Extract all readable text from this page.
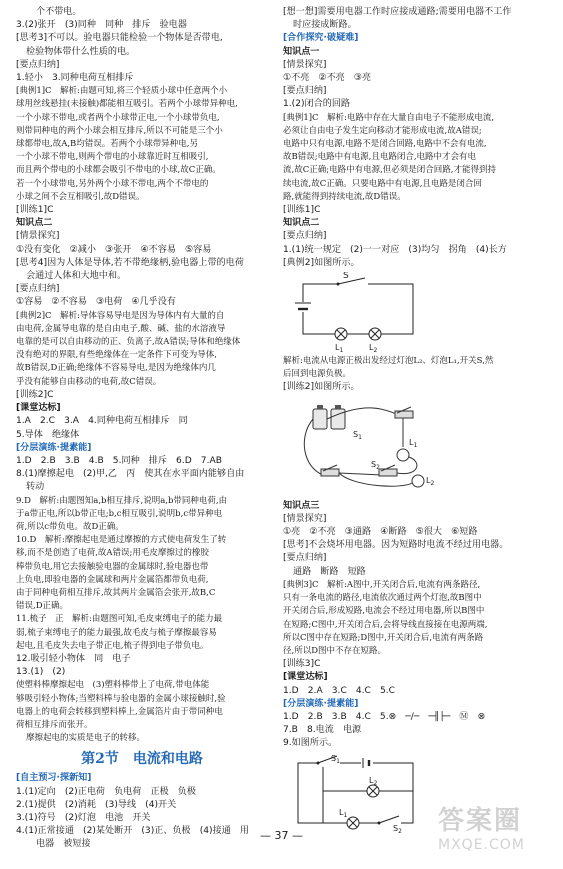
个不带电。
3.(2)张开　(3)同种　同种　排斥　验电器
[思考3]不可以。验电器只能检验一个物体是否带电,
检验物体带什么性质的电。
[要点归纳]
1.轻小　3.同种电荷互相排斥
[典例1]C　解析:由题可知,将三个轻质小球中任意两个小
球用丝线悬挂(未接触)都能相互吸引。若两个小球带异种电,
一个小球不带电,或者两个小球带正电,一个小球带负电,
则带同种电的两个小球会相互排斥,所以不可能是三个小
球都带电,故A,B均错误。若两个小球带异种电,另
一个小球不带电,则两个带电的小球靠近时互相吸引,
而且两个带电的小球都会吸引不带电的小球,故C正确。
若一个小球带电,另外两个小球不带电,两个不带电的
小球之间不会互相吸引,故D错误。
[训练1]C
知识点二
[情景探究]
①没有变化　②减小　③张开　④不容易　⑤容易
[思考4]因为人体是导体,若不带绝缘柄,验电器上带的电荷
会通过人体和大地中和。
[要点归纳]
①容易　②不容易　③电荷　④几乎没有
[典例2]C　解析:导体容易导电是因为导体内有大量的自
由电荷,金属导电靠的是自由电子,酸、碱、盐的水溶液导
电靠的是可以自由移动的正、负离子,故A错误;导体和绝缘体
没有绝对的界限,有些绝缘体在一定条件下可变为导体,
故B错误,D正确;绝缘体不容易导电,是因为绝缘体内几
乎没有能够自由移动的电荷,故C错误。
[训练2]C
[课堂达标]
1.A　2.C　3.A　4.同种电荷互相排斥　同
5.导体　绝缘体
[分层演练·提素能]
1.D　2.B　3.B　4.B　5.同种　排斥　6.D　7.AB
8.(1)摩擦起电　(2)甲,乙　丙　使其在水平面内能够自由
转动
9.D　解析:由题图知a,b相互排斥,说明a,b带同种电荷,由
于a带正电,所以b带正电;b,c相互吸引,说明b,c带异种电
荷,所以c带负电。故D正确。
10.D　解析:摩擦起电是通过摩擦的方式使电荷发生了转
移,而不是创造了电荷,故A错误;用毛皮摩擦过的橡胶
棒带负电,用它去接触验电器的金属球时,验电器也带
上负电,即验电器的金属球和两片金属箔都带负电荷,
由于同种电荷相互排斥,故其两片金属箔会张开,故B,C
错误,D正确。
11.梳子　正　解析:由题图可知,毛皮束缚电子的能力最
弱,梳子束缚电子的能力最强,故毛皮与梳子摩擦最容易
起电,且毛皮失去电子带正电,梳子得到电子带负电。
12.吸引轻小物体　同　电子
13.(1)　(2)
使塑料棒摩擦起电　(3)塑料棒带上了电荷,带电体能
够吸引轻小物体;当塑料棒与验电器的金属小球接触时,验
电器上的电荷会转移到塑料棒上,金属箔片由于带同种电
荷相互排斥而张开。
摩擦起电的实质是电子的转移。
第2节　电流和电路
[自主预习·探新知]
1.(1)定向　(2)正电荷　负电荷　正极　负极
2.(1)提供　(2)消耗　(3)导线　(4)开关
3.(1)符号　(2)灯泡　电池　开关
4.(1)正常接通　(2)某处断开　(3)正、负极　(4)接通　用
电器　被短接
[想一想]需要用电器工作时应接成通路;需要用电器不工作
时应接成断路。
[合作探究·破疑难]
知识点一
[情景探究]
①不亮　②不亮　③亮
[要点归纳]
1.(2)闭合的回路
[典例1]C　解析:电路中存在大量自由电子不能形成电流,
必须让自由电子发生定向移动才能形成电流,故A错误;
电路中只有电源,电路不是闭合回路,电路中不会有电流,
故B错误;电路中有电源,且电路闭合,电路中才会有电
流,故C正确;电路中有电源,但必须是闭合回路,才能得到持
续电流,故C正确。只要电路中有电源,且电路是闭合回
路,就能得到持续电流,故D错误。
[训练1]C
知识点二
[要点归纳]
1.(1)统一规定　(2)一一对应　(3)均匀　拐角　(4)长方
[典例2]如图所示。
S
$L_1$	$L_2$
解析:电流从电源正极出发经过灯泡L₂、灯泡L₁,开关S,然
后回到电源负极。
[训练2]如图所示。
$S_1$
$L_1$
$S_2$
$L_2$
知识点三
[情景探究]
①亮　②不亮　③通路　④断路　⑤很大　⑥短路
[思考]不会烧坏用电器。因为短路时电流不经过用电器。
[要点归纳]
通路　断路　短路
[典例3]C　解析:A图中,开关闭合后,电流有两条路径,
只有一条电流的路径,电流依次通过两个灯泡,故B图中
开关闭合后,形成短路,电流会不经过用电器,所以B图中
在短路;C图中,开关闭合后,会将导线直接接在电源两端,
所以C图中存在短路;D图中,开关闭合后,电流有两条路
径,所以D图中不存在短路。
[训练3]C
[课堂达标]
1.D　2.A　3.C　4.C　5.C
[分层演练·提素能]
1.D　2.B　3.B　4.C　5.⊗　─∕─　─╢├─　Ⓜ　⊗
7.B　8.电流　电源
9.如图所示。
$S_1$
$L_2$
$L_1$
$S_2$
— 37 —	答案圈
MXQE.COM
